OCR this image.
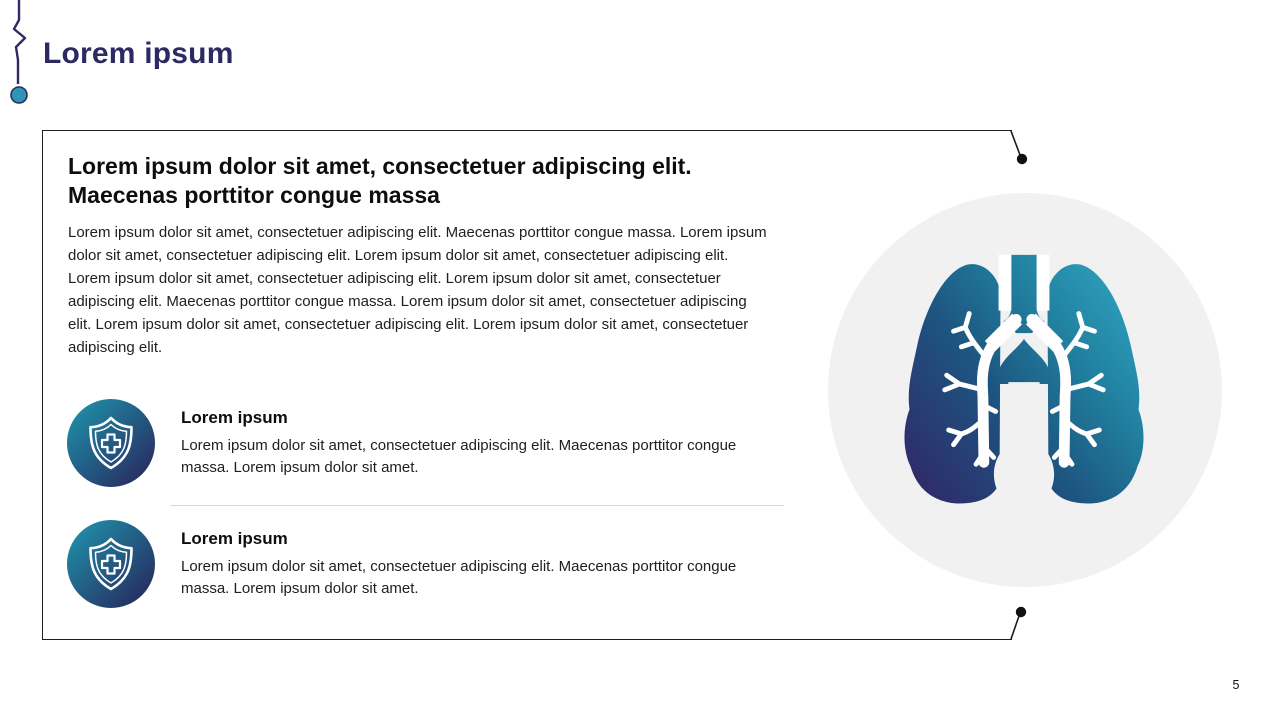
Lorem ipsum
Lorem ipsum dolor sit amet, consectetuer adipiscing elit.
Maecenas porttitor congue massa
Lorem ipsum dolor sit amet, consectetuer adipiscing elit. Maecenas porttitor congue massa. Lorem ipsum dolor sit amet, consectetuer adipiscing elit. Lorem ipsum dolor sit amet, consectetuer adipiscing elit. Lorem ipsum dolor sit amet, consectetuer adipiscing elit. Lorem ipsum dolor sit amet, consectetuer adipiscing elit. Maecenas porttitor congue massa. Lorem ipsum dolor sit amet, consectetuer adipiscing elit. Lorem ipsum dolor sit amet, consectetuer adipiscing elit. Lorem ipsum dolor sit amet, consectetuer adipiscing elit.
Lorem ipsum
Lorem ipsum dolor sit amet, consectetuer adipiscing elit. Maecenas porttitor congue massa. Lorem ipsum dolor sit amet.
Lorem ipsum
Lorem ipsum dolor sit amet, consectetuer adipiscing elit. Maecenas porttitor congue massa. Lorem ipsum dolor sit amet.
5
